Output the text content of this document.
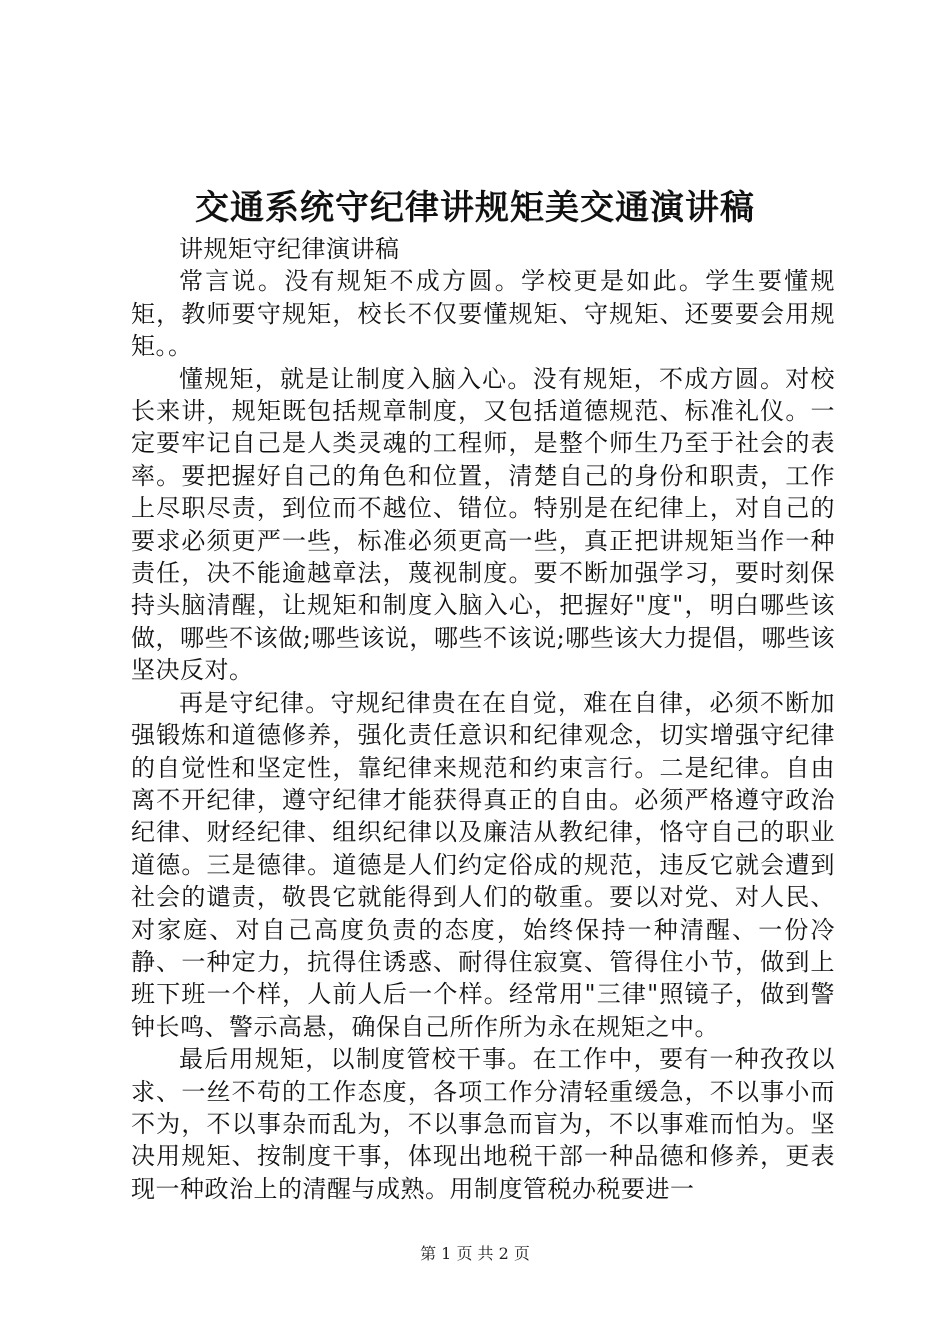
交通系统守纪律讲规矩美交通演讲稿

讲规矩守纪律演讲稿

常言说。没有规矩不成方圆。学校更是如此。学生要懂规矩，教师要守规矩，校长不仅要懂规矩、守规矩、还要要会用规矩。。

懂规矩，就是让制度入脑入心。没有规矩，不成方圆。对校长来讲，规矩既包括规章制度，又包括道德规范、标准礼仪。一定要牢记自己是人类灵魂的工程师，是整个师生乃至于社会的表率。要把握好自己的角色和位置，清楚自己的身份和职责，工作上尽职尽责，到位而不越位、错位。特别是在纪律上，对自己的要求必须更严一些，标准必须更高一些，真正把讲规矩当作一种责任，决不能逾越章法，蔑视制度。要不断加强学习，要时刻保持头脑清醒，让规矩和制度入脑入心，把握好"度"，明白哪些该做，哪些不该做;哪些该说，哪些不该说;哪些该大力提倡，哪些该坚决反对。

再是守纪律。守规纪律贵在在自觉，难在自律，必须不断加强锻炼和道德修养，强化责任意识和纪律观念，切实增强守纪律的自觉性和坚定性，靠纪律来规范和约束言行。二是纪律。自由离不开纪律，遵守纪律才能获得真正的自由。必须严格遵守政治纪律、财经纪律、组织纪律以及廉洁从教纪律，恪守自己的职业道德。三是德律。道德是人们约定俗成的规范，违反它就会遭到社会的谴责，敬畏它就能得到人们的敬重。要以对党、对人民、对家庭、对自己高度负责的态度，始终保持一种清醒、一份冷静、一种定力，抗得住诱惑、耐得住寂寞、管得住小节，做到上班下班一个样，人前人后一个样。经常用"三律"照镜子，做到警钟长鸣、警示高悬，确保自己所作所为永在规矩之中。

最后用规矩，以制度管校干事。在工作中，要有一种孜孜以求、一丝不苟的工作态度，各项工作分清轻重缓急，不以事小而不为，不以事杂而乱为，不以事急而盲为，不以事难而怕为。坚决用规矩、按制度干事，体现出地税干部一种品德和修养，更表现一种政治上的清醒与成熟。用制度管税办税要进一

第 1 页 共 2 页
